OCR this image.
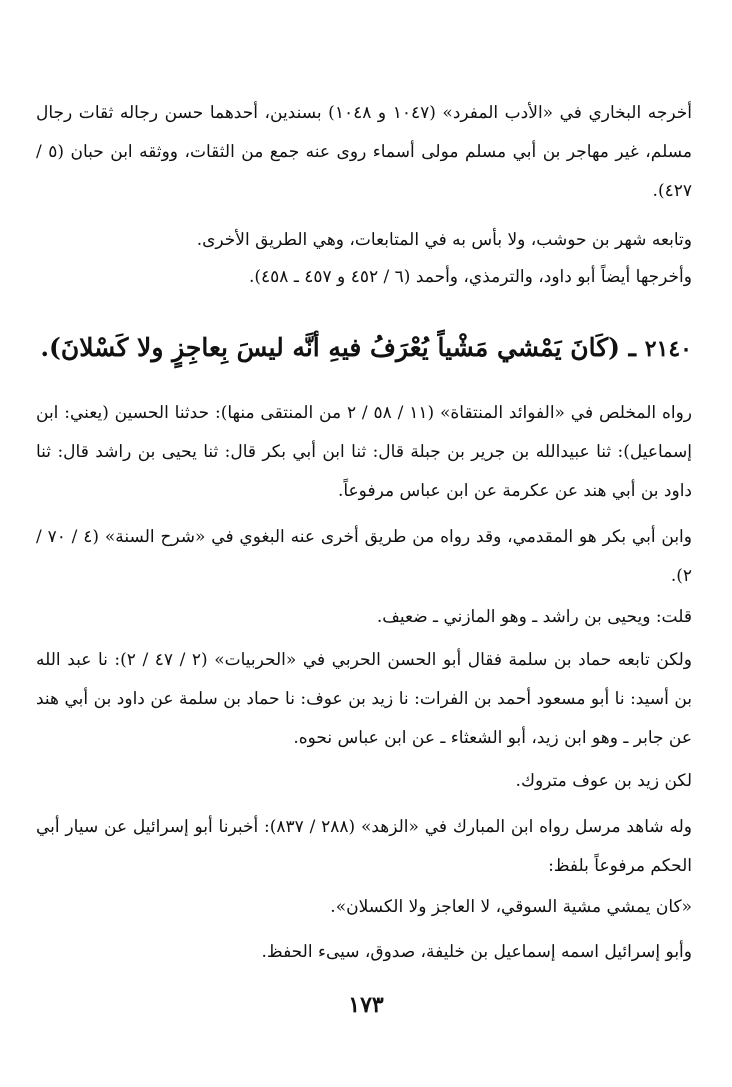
أخرجه البخاري في «الأدب المفرد» (١٠٤٧ و ١٠٤٨) بسندين، أحدهما حسن رجاله ثقات رجال مسلم، غير مهاجر بن أبي مسلم مولى أسماء روى عنه جمع من الثقات، ووثقه ابن حبان (٥ / ٤٢٧).

وتابعه شهر بن حوشب، ولا بأس به في المتابعات، وهي الطريق الأخرى.

وأخرجها أيضاً أبو داود، والترمذي، وأحمد (٦ / ٤٥٢ و ٤٥٧ ـ ٤٥٨).

٢١٤٠ ـ (كَانَ يَمْشي مَشْياً يُعْرَفُ فيهِ أنَّه ليسَ بِعاجِزٍ ولا كَسْلانَ).

رواه المخلص في «الفوائد المنتقاة» (١١ / ٥٨ / ٢ من المنتقى منها): حدثنا الحسين (يعني: ابن إسماعيل): ثنا عبيدالله بن جرير بن جبلة قال: ثنا ابن أبي بكر قال: ثنا يحيى بن راشد قال: ثنا داود بن أبي هند عن عكرمة عن ابن عباس مرفوعاً.

وابن أبي بكر هو المقدمي، وقد رواه من طريق أخرى عنه البغوي في «شرح السنة» (٤ / ٧٠ / ٢).

قلت: ويحيى بن راشد ـ وهو المازني ـ ضعيف.

ولكن تابعه حماد بن سلمة فقال أبو الحسن الحربي في «الحربيات» (٢ / ٤٧ / ٢): نا عبد الله بن أسيد: نا أبو مسعود أحمد بن الفرات: نا زيد بن عوف: نا حماد بن سلمة عن داود بن أبي هند عن جابر ـ وهو ابن زيد، أبو الشعثاء ـ عن ابن عباس نحوه.

لكن زيد بن عوف متروك.

وله شاهد مرسل رواه ابن المبارك في «الزهد» (٢٨٨ / ٨٣٧): أخبرنا أبو إسرائيل عن سيار أبي الحكم مرفوعاً بلفظ:

«كان يمشي مشية السوقي، لا العاجز ولا الكسلان».

وأبو إسرائيل اسمه إسماعيل بن خليفة، صدوق، سيىء الحفظ.

١٧٣
